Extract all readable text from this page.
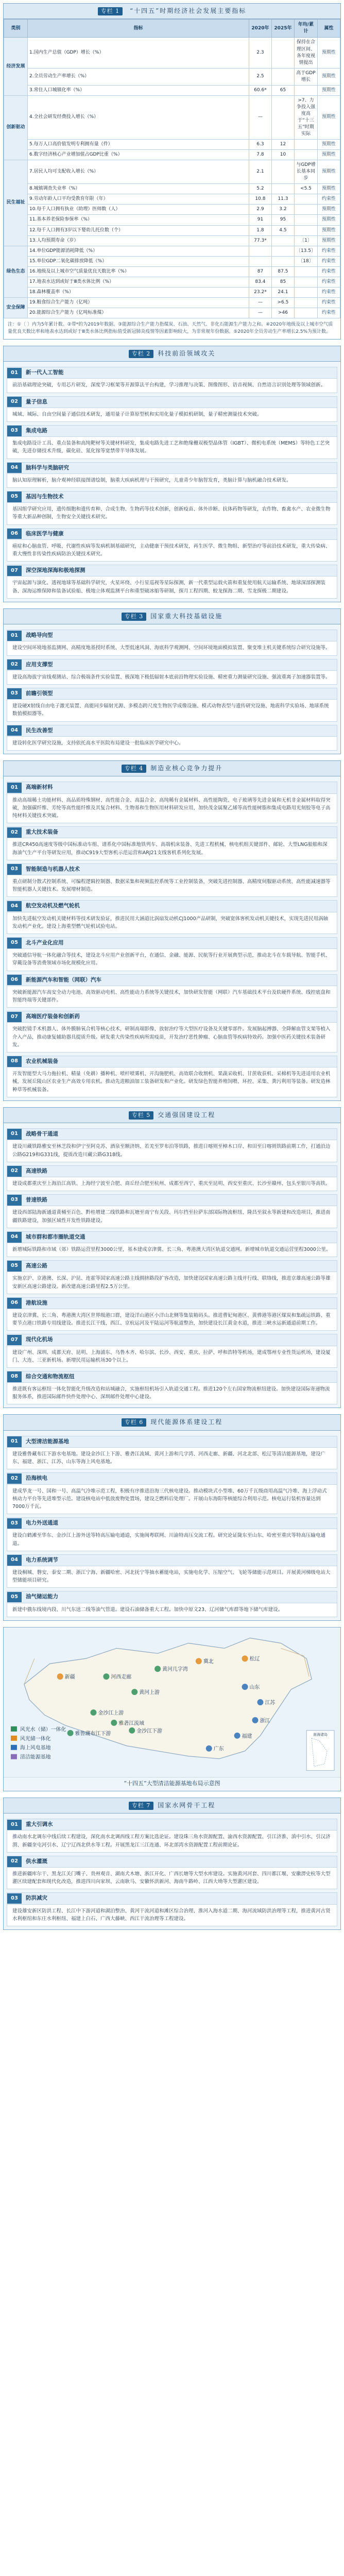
专栏 1 “十四五”时期经济社会发展主要指标
类别	指标	2020年	2025年	年均/累计	属性
经济发展	1.国内生产总值（GDP）增长（%）	2.3		保持在合理区间、各年度视情提出	预期性
	2.全员劳动生产率增长（%）	2.5		高于GDP增长	预期性
	3.常住人口城镇化率（%）	60.6*	65		预期性
创新驱动	4.全社会研发经费投入增长（%）	—		>7、力争投入强度高于“十三五”时期实际	预期性
	5.每万人口高价值发明专利拥有量（件）	6.3	12		预期性
	6.数字经济核心产业增加值占GDP比重（%）	7.8	10		预期性
民生福祉	7.居民人均可支配收入增长（%）	2.1		与GDP增长基本同步	预期性
	8.城镇调查失业率（%）	5.2		<5.5	预期性
	9.劳动年龄人口平均受教育年限（年）	10.8	11.3		约束性
	10.每千人口拥有执业（助理）医师数（人）	2.9	3.2		预期性
	11.基本养老保险参保率（%）	91	95		预期性
	12.每千人口拥有3岁以下婴幼儿托位数（个）	1.8	4.5		预期性
	13.人均预期寿命（岁）	77.3*		〔1〕	预期性
绿色生态	14.单位GDP能源消耗降低（%）			〔13.5〕	约束性
	15.单位GDP二氧化碳排放降低（%）			〔18〕	约束性
	16.地级及以上城市空气质量优良天数比率（%）	87	87.5		约束性
	17.地表水达到或好于Ⅲ类水体比例（%）	83.4	85		约束性
	18.森林覆盖率（%）	23.2*	24.1		约束性
安全保障	19.粮食综合生产能力（亿吨）	—	>6.5		约束性
	20.能源综合生产能力（亿吨标准煤）	—	>46		约束性
注：①〔 〕内为5年累计数。②带*的为2019年数据。③能源综合生产能力指煤炭、石油、天然气、非化石能源生产能力之和。④2020年地级及以上城市空气质量优良天数比率和地表水达到或好于Ⅲ类水体比例指标值受新冠肺炎疫情等因素影响较大，为非常规年份数据。⑤2020年全员劳动生产率增长2.5%为预计数。
专栏 2 科技前沿领域攻关
01	新一代人工智能
前沿基础理论突破，专用芯片研发，深度学习框架等开源算法平台构建，学习推理与决策、图像图形、语音视频、自然语言识别处理等领域创新。
02	量子信息
城域、城际、自由空间量子通信技术研发，通用量子计算原型机和实用化量子模拟机研制，量子精密测量技术突破。
03	集成电路
集成电路设计工具、重点装备和高纯靶材等关键材料研发，集成电路先进工艺和绝缘栅双极型晶体管（IGBT）、微机电系统（MEMS）等特色工艺突破，先进存储技术升级，碳化硅、氮化镓等宽禁带半导体发展。
04	脑科学与类脑研究
脑认知原理解析，脑介观神经联接图谱绘制，脑重大疾病机理与干预研究，儿童青少年脑智发育，类脑计算与脑机融合技术研发。
05	基因与生物技术
基因组学研究应用，遗传细胞和遗传育种、合成生物、生物药等技术创新，创新疫苗、体外诊断、抗体药物等研发，农作物、畜禽水产、农业微生物等重大新品种创制，生物安全关键技术研究。
06	临床医学与健康
癌症和心脑血管、呼吸、代谢性疾病等发病机制基础研究，主动健康干预技术研发，再生医学、微生物组、新型治疗等前沿技术研发，重大传染病、重大慢性非传染性疾病防治关键技术研究。
07	深空深地深海和极地探测
宇宙起源与演化、透视地球等基础科学研究，火星环绕、小行星巡视等星际探测，新一代重型运载火箭和重复使用航天运输系统、地球深部探测装备、深海运维保障和装备试验船、极地立体观监测平台和重型破冰船等研制，探月工程四期、蛟龙探海二期、雪龙探极二期建设。
专栏 3 国家重大科技基础设施
01	战略导向型
建设空间环境地基监测网、高精度地基授时系统、大型低速风洞、海底科学观测网、空间环境地面模拟装置、聚变堆主机关键系统综合研究设施等。
02	应用支撑型
建设高海拔宇宙线观测站、综合极端条件实验装置、极深地下极低辐射本底前沿物理实验设施、精密重力测量研究设施、强流重离子加速器装置等。
03	前瞻引领型
建设硬X射线自由电子激光装置、高能同步辐射光源、多模态跨尺度生物医学成像设施、模式动物表型与遗传研究设施、地震科学实验场、地球系统数值模拟器等。
04	民生改善型
建设转化医学研究设施，支持依托高水平医院布局建设一批临床医学研究中心。
专栏 4 制造业核心竞争力提升
01	高端新材料
推动高端稀土功能材料、高品质特殊钢材、高性能合金、高温合金、高纯稀有金属材料、高性能陶瓷、电子玻璃等先进金属和无机非金属材料取得突破，加强碳纤维、芳纶等高性能纤维及其复合材料、生物基和生物医用材料研发应用，加快茂金属聚乙烯等高性能树脂和集成电路用光刻胶等电子高纯材料关键技术突破。
02	重大技术装备
推进CR450高速度等级中国标准动车组、谱系化中国标准地铁列车、高端机床装备、先进工程机械、核电机组关键部件、邮轮、大型LNG船舶和深海油气生产平台等研发应用，推动C919大型客机示范运营和ARJ21支线客机系列化发展。
03	智能制造与机器人技术
重点研制分散式控制系统、可编程逻辑控制器、数据采集和视频监控系统等工业控制装备，突破先进控制器、高精度伺服驱动系统、高性能减速器等智能机器人关键技术。发展增材制造。
04	航空发动机及燃气轮机
加快先进航空发动机关键材料等技术研发验证，推进民用大涵道比涡扇发动机CJ1000产品研制，突破宽体客机发动机关键技术，实现先进民用涡轴发动机产业化。建设上海重型燃气轮机试验电站。
05	北斗产业化应用
突破通信导航一体化融合等技术，建设北斗应用产业创新平台，在通信、金融、能源、民航等行业开展典型示范，推动北斗在车载导航、智能手机、穿戴设备等消费领域市场化规模化应用。
06	新能源汽车和智能（网联）汽车
突破新能源汽车高安全动力电池、高效驱动电机、高性能动力系统等关键技术，加快研发智能（网联）汽车基础技术平台及软硬件系统、线控底盘和智能终端等关键部件。
07	高端医疗装备和创新药
突破腔镜手术机器人、体外膜肺氧合机等核心技术，研制高端影像、放射治疗等大型医疗设备及关键零部件。发展脑起搏器、全降解血管支架等植入介入产品，推动康复辅助器具提质升级。研发重大传染性疾病所需疫苗，开发治疗恶性肿瘤、心脑血管等疾病特效药。加强中医药关键技术装备研发。
08	农业机械装备
开发智能型大马力拖拉机、精量（免耕）播种机、喷杆喷雾机、开沟施肥机、高效联合收割机、果蔬采收机、甘蔗收获机、采棉机等先进适用农业机械，发展丘陵山区农业生产高效专用农机。推动先进粮油加工装备研发和产业化。研发绿色智能养殖饲喂、环控、采集、粪污利用等装备。研发造林种草等机械装备。
专栏 5 交通强国建设工程
01	战略骨干通道
建设川藏铁路雅安至林芝段和伊宁至阿克苏、酒泉至额济纳、若羌至罗布泊等铁路，推进日喀则至樟木口岸、和田至日喀则铁路前期工作，打通沿边公路G219和G331线，提质改造川藏公路G318线。
02	高速铁路
建设成都重庆至上海沿江高铁、上海经宁波至合肥、商丘经合肥至杭州、成都至西宁、重庆至昆明、西安至重庆、长沙至赣州、包头至银川等高铁。
03	普速铁路
建设西部陆海新通道黄桶至百色、黔桂增建二线铁路和瓦塘至南宁有关段、玛尔挡至拉萨东部国际物流枢纽、隆昌至叙永等新建和改造项目，推进南疆铁路建设，加强区域性开发性铁路建设。
04	城市群和都市圈轨道交通
新增城际铁路和市域（郊）铁路运营里程3000公里，基本建成京津冀、长三角、粤港澳大湾区轨道交通网。新增城市轨道交通运营里程3000公里。
05	高速公路
实施京沪、京港澳、长深、沪昆、连霍等国家高速公路主线拥挤路段扩容改造，加快建设国家高速公路主线并行线、联络线，推进京雄高速公路等雄安新区高速公路建设。新改建高速公路里程2.5万公里。
06	港航设施
建设京津冀、长三角、粤港澳大湾区世界级港口群，建设洋山港区小洋山北侧等集装箱码头。推进曹妃甸港区、黄骅港等港区煤炭和集疏运铁路、重要节点港口铁路专用线建设。推进长江干线、西江、京杭运河及平陆运河等航道整治，加快建设长江黄金水道，推进三峡水运新通道前期工作。
07	现代化机场
建设广州、深圳、成都天府、昆明、上海浦东、乌鲁木齐、哈尔滨、长沙、西安、重庆、拉萨、呼和浩特等机场，建成鄂州专业性货运机场，建设厦门、大连、三亚新机场。新增民用运输机场30个以上。
08	综合交通和物流枢纽
推进既有客运枢纽一体化智能化升级改造和站城融合，实施枢纽机场引入轨道交通工程。推进120个左右国家物流枢纽建设。加快建设国际寄递物流服务体系，推进国际邮件快件处理中心、深圳邮件处理中心建设。
专栏 6 现代能源体系建设工程
01	大型清洁能源基地
建设雅鲁藏布江下游水电基地。建设金沙江上下游、雅砻江流域、黄河上游和几字湾、河西走廊、新疆、河北北部、松辽等清洁能源基地，建设广东、福建、浙江、江苏、山东等海上风电基地。
02	沿海核电
建成华龙一号、国和一号、高温气冷堆示范工程，积极有序推进沿海三代核电建设。推动模块式小型堆、60万千瓦级商用高温气冷堆、海上浮动式核动力平台等先进堆型示范。建设核电站中低放废物处置场，建设乏燃料后处理厂。开展山东海阳等核能综合利用示范。核电运行装机容量达到7000万千瓦。
03	电力外送通道
建设白鹤滩至华东、金沙江上游外送等特高压输电通道，实施闽粤联网、川渝特高压交流工程。研究论证陇东至山东、哈密至重庆等特高压输电通道。
04	电力系统调节
建设桐城、磐安、泰安二期、浙江宁海、新疆哈密、河北抚宁等抽水蓄能电站，实施电化学、压缩空气、飞轮等储能示范项目。开展黄河梯级电站大型储能项目研究。
05	油气储运能力
新建中俄东线境内段、川气东送二线等油气管道。建设石油储备重大工程。加快中原文23、辽河储气库群等地下储气库建设。
新疆	河西走廊
黄河上游
黄河几字湾
冀北	松辽
金沙江上游
雅砻江流域
金沙江下游
雅鲁藏布江下游
广东
福建
浙江
江苏
山东
南海诸岛
风光水（储）一体化
风光储一体化
海上风电基地
清洁能源基地
“十四五”大型清洁能源基地布局示意图
专栏 7 国家水网骨干工程
01	重大引调水
推动南水北调东中线后续工程建设，深化南水北调西线工程方案比选论证。建设珠三角水资源配置、渝西水资源配置、引江济淮、滇中引水、引汉济渭、新疆奎屯河引水、辽宁辽西北供水等工程。开展黑龙江三江连通、环北部湾水资源配置工程前期论证。
02	供水灌溉
推进新疆库尔干、黑龙江关门嘴子、贵州观音、湖南犬木塘、浙江开化、广西长塘等大型水库建设。实施黄河河套、四川都江堰、安徽淠史杭等大型灌区续建配套和现代化改造，推进四川向家坝、云南耿马、安徽怀洪新河、海南牛路岭、江西大坳等大型灌区建设。
03	防洪减灾
建设雄安新区防洪工程、长江中下游河道和湖泊整治、黄河干流河道和滩区综合治理、淮河入海水道二期、海河流域防洪治理等工程，推进黄河古贤水利枢纽和东庄水利枢纽、福建上白石、广西大藤峡、西江干流治理等工程建设。
